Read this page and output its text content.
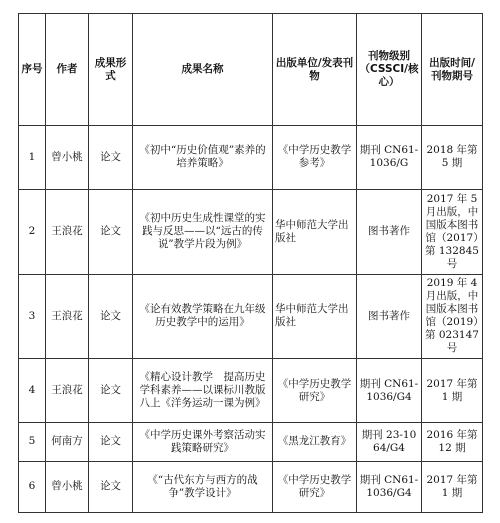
序号	作者	成果形式	成果名称	出版单位/发表刊物	刊物级别（CSSCI/核心）	出版时间/刊物期号
1	曾小桃	论文	《初中“历史价值观”素养的培养策略》	《中学历史教学参考》	期刊 CN61-1036/G	2018 年第 5 期
2	王浪花	论文	《初中历史生成性课堂的实践与反思——以“远古的传说”教学片段为例》	华中师范大学出版社	图书著作	2017 年 5 月出版，中国版本图书馆（2017）第 132845 号
3	王浪花	论文	《论有效教学策略在九年级历史教学中的运用》	华中师范大学出版社	图书著作	2019 年 4 月出版，中国版本图书馆（2019）第 023147 号
4	王浪花	论文	《精心设计教学　提高历史学科素养——以课标川教版八上《洋务运动一课为例》	《中学历史教学研究》	期刊 CN61-1036/G4	2017 年第 1 期
5	何南方	论文	《中学历史课外考察活动实践策略研究》	《黑龙江教育》	期刊 23-1064/G4	2016 年第 12 期
6	曾小桃	论文	《“古代东方与西方的战争”教学设计》	《中学历史教学研究》	期刊 CN61-1036/G4	2017 年第 1 期
